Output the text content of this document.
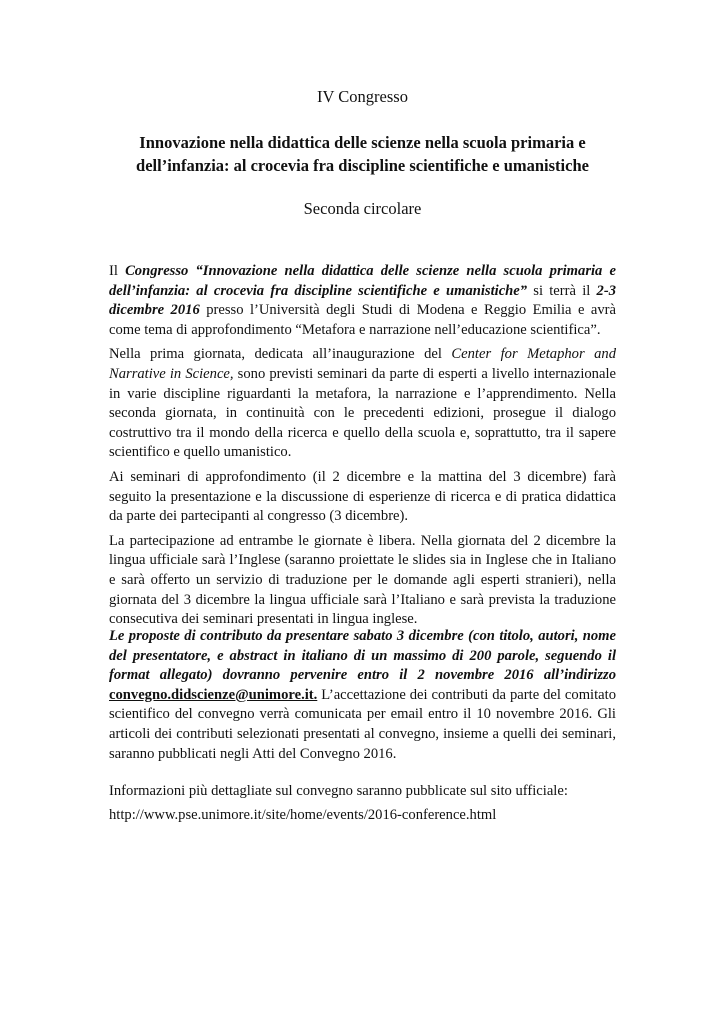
IV Congresso

Innovazione nella didattica delle scienze nella scuola primaria e
dell’infanzia: al crocevia fra discipline scientifiche e umanistiche

Seconda circolare

Il Congresso “Innovazione nella didattica delle scienze nella scuola primaria e dell’infanzia: al crocevia fra discipline scientifiche e umanistiche” si terrà il 2-3 dicembre 2016 presso l’Università degli Studi di Modena e Reggio Emilia e avrà come tema di approfondimento “Metafora e narrazione nell’educazione scientifica”.

Nella prima giornata, dedicata all’inaugurazione del Center for Metaphor and Narrative in Science, sono previsti seminari da parte di esperti a livello internazionale in varie discipline riguardanti la metafora, la narrazione e l’apprendimento. Nella seconda giornata, in continuità con le precedenti edizioni, prosegue il dialogo costruttivo tra il mondo della ricerca e quello della scuola e, soprattutto, tra il sapere scientifico e quello umanistico.

Ai seminari di approfondimento (il 2 dicembre e la mattina del 3 dicembre) farà seguito la presentazione e la discussione di esperienze di ricerca e di pratica didattica da parte dei partecipanti al congresso (3 dicembre).

La partecipazione ad entrambe le giornate è libera. Nella giornata del 2 dicembre la lingua ufficiale sarà l’Inglese (saranno proiettate le slides sia in Inglese che in Italiano e sarà offerto un servizio di traduzione per le domande agli esperti stranieri), nella giornata del 3 dicembre la lingua ufficiale sarà l’Italiano e sarà prevista la traduzione consecutiva dei seminari presentati in lingua inglese.

Le proposte di contributo da presentare sabato 3 dicembre (con titolo, autori, nome del presentatore, e abstract in italiano di un massimo di 200 parole, seguendo il format allegato) dovranno pervenire entro il 2 novembre 2016 all’indirizzo convegno.didscienze@unimore.it. L’accettazione dei contributi da parte del comitato scientifico del convegno verrà comunicata per email entro il 10 novembre 2016. Gli articoli dei contributi selezionati presentati al convegno, insieme a quelli dei seminari, saranno pubblicati negli Atti del Convegno 2016.

Informazioni più dettagliate sul convegno saranno pubblicate sul sito ufficiale:

http://www.pse.unimore.it/site/home/events/2016-conference.html
